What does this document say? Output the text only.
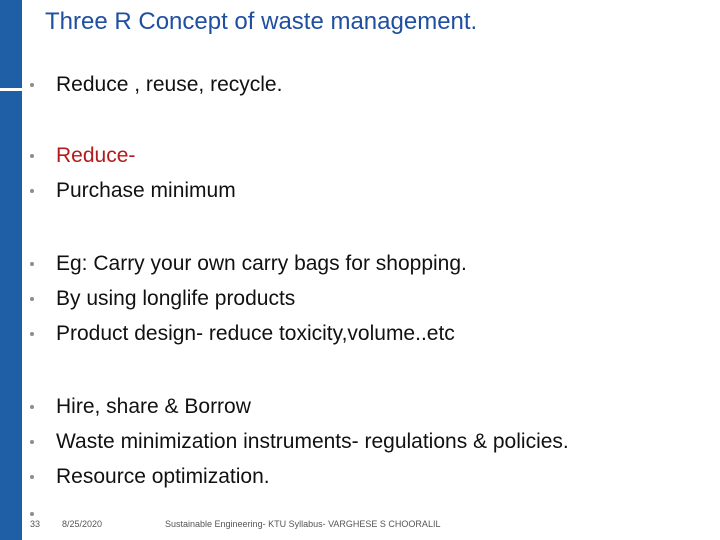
Three R Concept of waste management.
Reduce , reuse, recycle.
Reduce-
Purchase minimum
Eg: Carry your own carry bags for shopping.
By using longlife products
Product design- reduce toxicity,volume..etc
Hire, share & Borrow
Waste minimization instruments- regulations & policies.
Resource optimization.
33 8/25/2020	Sustainable Engineering- KTU Syllabus- VARGHESE S CHOORALIL
